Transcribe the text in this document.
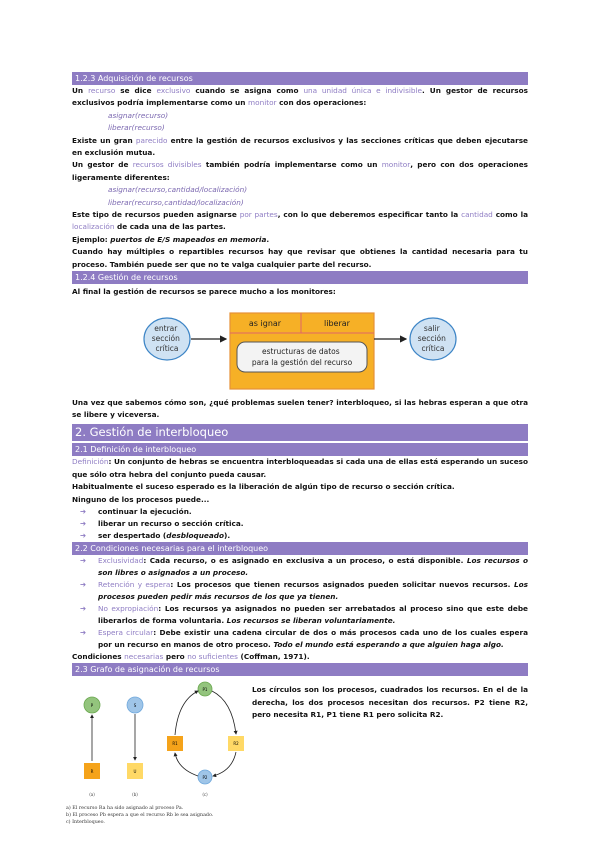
1.2.3 Adquisición de recursos

Un recurso se dice exclusivo cuando se asigna como una unidad única e indivisible. Un gestor de recursos exclusivos podría implementarse como un monitor con dos operaciones:

asignar(recurso)

liberar(recurso)

Existe un gran parecido entre la gestión de recursos exclusivos y las secciones críticas que deben ejecutarse en exclusión mutua.

Un gestor de recursos divisibles también podría implementarse como un monitor, pero con dos operaciones ligeramente diferentes:

asignar(recurso,cantidad/localización)

liberar(recurso,cantidad/localización)

Este tipo de recursos pueden asignarse por partes, con lo que deberemos especificar tanto la cantidad como la localización de cada una de las partes.

Ejemplo: puertos de E/S mapeados en memoria.

Cuando hay múltiples o repartibles recursos hay que revisar que obtienes la cantidad necesaria para tu proceso. También puede ser que no te valga cualquier parte del recurso.

1.2.4 Gestión de recursos

Al final la gestión de recursos se parece mucho a los monitores:

entrar sección crítica
as ignar	liberar
estructuras de datos para la gestión del recurso
salir sección crítica

Una vez que sabemos cómo son, ¿qué problemas suelen tener? interbloqueo, si las hebras esperan a que otra se libere y viceversa.

2. Gestión de interbloqueo
2.1 Definición de interbloqueo

Definición: Un conjunto de hebras se encuentra interbloqueadas si cada una de ellas está esperando un suceso que sólo otra hebra del conjunto pueda causar.

Habitualmente el suceso esperado es la liberación de algún tipo de recurso o sección crítica.

Ninguno de los procesos puede...

➔	continuar la ejecución.
➔	liberar un recurso o sección crítica.
➔	ser despertado (desbloqueado).
2.2 Condiciones necesarias para el interbloqueo
➔	Exclusividad: Cada recurso, o es asignado en exclusiva a un proceso, o está disponible. Los recursos o son libres o asignados a un proceso.
➔	Retención y espera: Los procesos que tienen recursos asignados pueden solicitar nuevos recursos. Los procesos pueden pedir más recursos de los que ya tienen.
➔	No expropiación: Los recursos ya asignados no pueden ser arrebatados al proceso sino que este debe liberarlos de forma voluntaria. Los recursos se liberan voluntariamente.
➔	Espera circular: Debe existir una cadena circular de dos o más procesos cada uno de los cuales espera por un recurso en manos de otro proceso. Todo el mundo está esperando a que alguien haga algo.

Condiciones necesarias pero no suficientes (Coffman, 1971).

2.3 Grafo de asignación de recursos
P
R
(a)
S
U
(b)
P1
R1	R2
P2
(c)

Los círculos son los procesos, cuadrados los recursos. En el de la derecha, los dos procesos necesitan dos recursos. P2 tiene R2, pero necesita R1, P1 tiene R1 pero solicita R2.

a) El recurso Ra ha sido asignado al proceso Pa.
b) El proceso Pb espera a que el recurso Rb le sea asignado.
c) Interbloqueo.
